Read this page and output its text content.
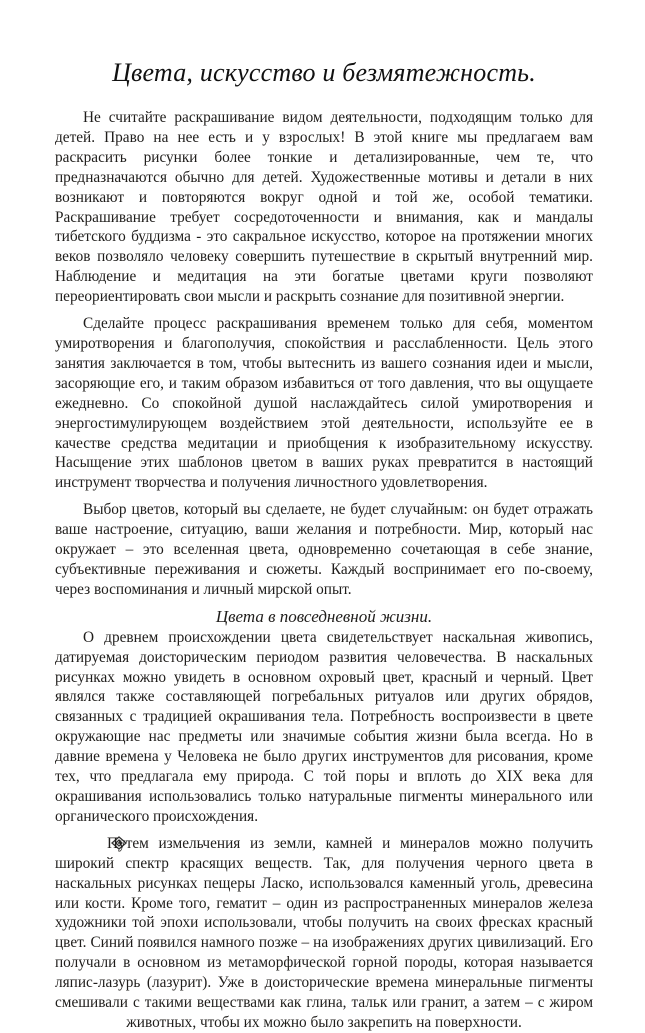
Цвета, искусство и безмятежность.

Не считайте раскрашивание видом деятельности, подходящим только для детей. Право на нее есть и у взрослых! В этой книге мы предлагаем вам раскрасить рисунки более тонкие и детализированные, чем те, что предназначаются обычно для детей. Художественные мотивы и детали в них возникают и повторяются вокруг одной и той же, особой тематики. Раскрашивание требует сосредоточенности и внимания, как и мандалы тибетского буддизма - это сакральное искусство, которое на протяжении многих веков позволяло человеку совершить путешествие в скрытый внутренний мир. Наблюдение и медитация на эти богатые цветами круги позволяют переориентировать свои мысли и раскрыть сознание для позитивной энергии.

Сделайте процесс раскрашивания временем только для себя, моментом умиротворения и благополучия, спокойствия и расслабленности. Цель этого занятия заключается в том, чтобы вытеснить из вашего сознания идеи и мысли, засоряющие его, и таким образом избавиться от того давления, что вы ощущаете ежедневно. Со спокойной душой наслаждайтесь силой умиротворения и энергостимулирующем воздействием этой деятельности, используйте ее в качестве средства медитации и приобщения к изобразительному искусству. Насыщение этих шаблонов цветом в ваших руках превратится в настоящий инструмент творчества и получения личностного удовлетворения.

Выбор цветов, который вы сделаете, не будет случайным: он будет отражать ваше настроение, ситуацию, ваши желания и потребности. Мир, который нас окружает – это вселенная цвета, одновременно сочетающая в себе знание, субъективные переживания и сюжеты. Каждый воспринимает его по-своему, через воспоминания и личный мирской опыт.

Цвета в повседневной жизни.

О древнем происхождении цвета свидетельствует наскальная живопись, датируемая доисторическим периодом развития человечества. В наскальных рисунках можно увидеть в основном охровый цвет, красный и черный. Цвет являлся также составляющей погребальных ритуалов или других обрядов, связанных с традицией окрашивания тела. Потребность воспроизвести в цвете окружающие нас предметы или значимые события жизни была всегда. Но в давние времена у Человека не было других инструментов для рисования, кроме тех, что предлагала ему природа. С той поры и вплоть до XIX века для окрашивания использовались только натуральные пигменты минерального или органического происхождения.

Путем измельчения из земли, камней и минералов можно получить широкий спектр красящих веществ. Так, для получения черного цвета в наскальных рисунках пещеры Ласко, использовался каменный уголь, древесина или кости. Кроме того, гематит – один из распространенных минералов железа художники той эпохи использовали, чтобы получить на своих фресках красный цвет. Синий появился намного позже – на изображениях других цивилизаций. Его получали в основном из метаморфической горной породы, которая называется ляпис-лазурь (лазурит). Уже в доисторические времена минеральные пигменты смешивали с такими веществами как глина, тальк или гранит, а затем – с жиром животных, чтобы их можно было закрепить на поверхности.
